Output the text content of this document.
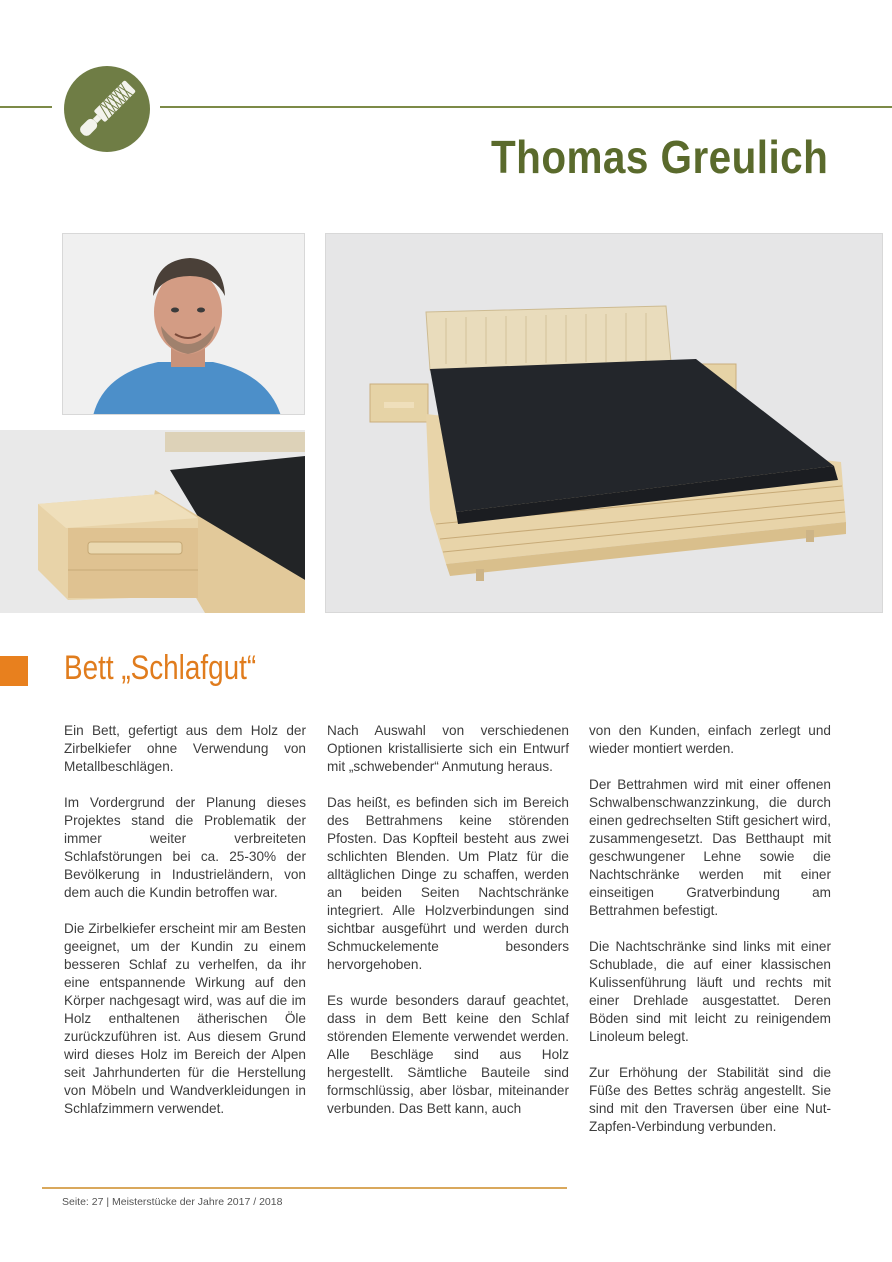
Thomas Greulich
Bett „Schlafgut“

Ein Bett, gefertigt aus dem Holz der Zirbelkiefer ohne Verwendung von Metallbeschlägen.

Im Vordergrund der Planung dieses Projektes stand die Problematik der immer weiter verbreiteten Schlafstörungen bei ca. 25-30% der Bevölkerung in Industrieländern, von dem auch die Kundin betroffen war.

Die Zirbelkiefer erscheint mir am Besten geeignet, um der Kundin zu einem besseren Schlaf zu verhelfen, da ihr eine entspannende Wirkung auf den Körper nachgesagt wird, was auf die im Holz enthaltenen ätherischen Öle zurückzuführen ist. Aus diesem Grund wird dieses Holz im Bereich der Alpen seit Jahrhunderten für die Herstellung von Möbeln und Wandverkleidungen in Schlafzimmern verwendet.

Nach Auswahl von verschiedenen Optionen kristallisierte sich ein Entwurf mit „schwebender“ Anmutung heraus.

Das heißt, es befinden sich im Bereich des Bettrahmens keine störenden Pfosten. Das Kopfteil besteht aus zwei schlichten Blenden. Um Platz für die alltäglichen Dinge zu schaffen, werden an beiden Seiten Nachtschränke integriert. Alle Holzverbindungen sind sichtbar ausgeführt und werden durch Schmuckelemente besonders hervorgehoben.

Es wurde besonders darauf geachtet, dass in dem Bett keine den Schlaf störenden Elemente verwendet werden. Alle Beschläge sind aus Holz hergestellt. Sämtliche Bauteile sind formschlüssig, aber lösbar, miteinander verbunden. Das Bett kann, auch

von den Kunden, einfach zerlegt und wieder montiert werden.

Der Bettrahmen wird mit einer offenen Schwalbenschwanzzinkung, die durch einen gedrechselten Stift gesichert wird, zusammengesetzt. Das Betthaupt mit geschwungener Lehne sowie die Nachtschränke werden mit einer einseitigen Gratverbindung am Bettrahmen befestigt.

Die Nachtschränke sind links mit einer Schublade, die auf einer klassischen Kulissenführung läuft und rechts mit einer Drehlade ausgestattet. Deren Böden sind mit leicht zu reinigendem Linoleum belegt.

Zur Erhöhung der Stabilität sind die Füße des Bettes schräg angestellt. Sie sind mit den Traversen über eine Nut-Zapfen-Verbindung verbunden.

Seite: 27 | Meisterstücke der Jahre 2017 / 2018
